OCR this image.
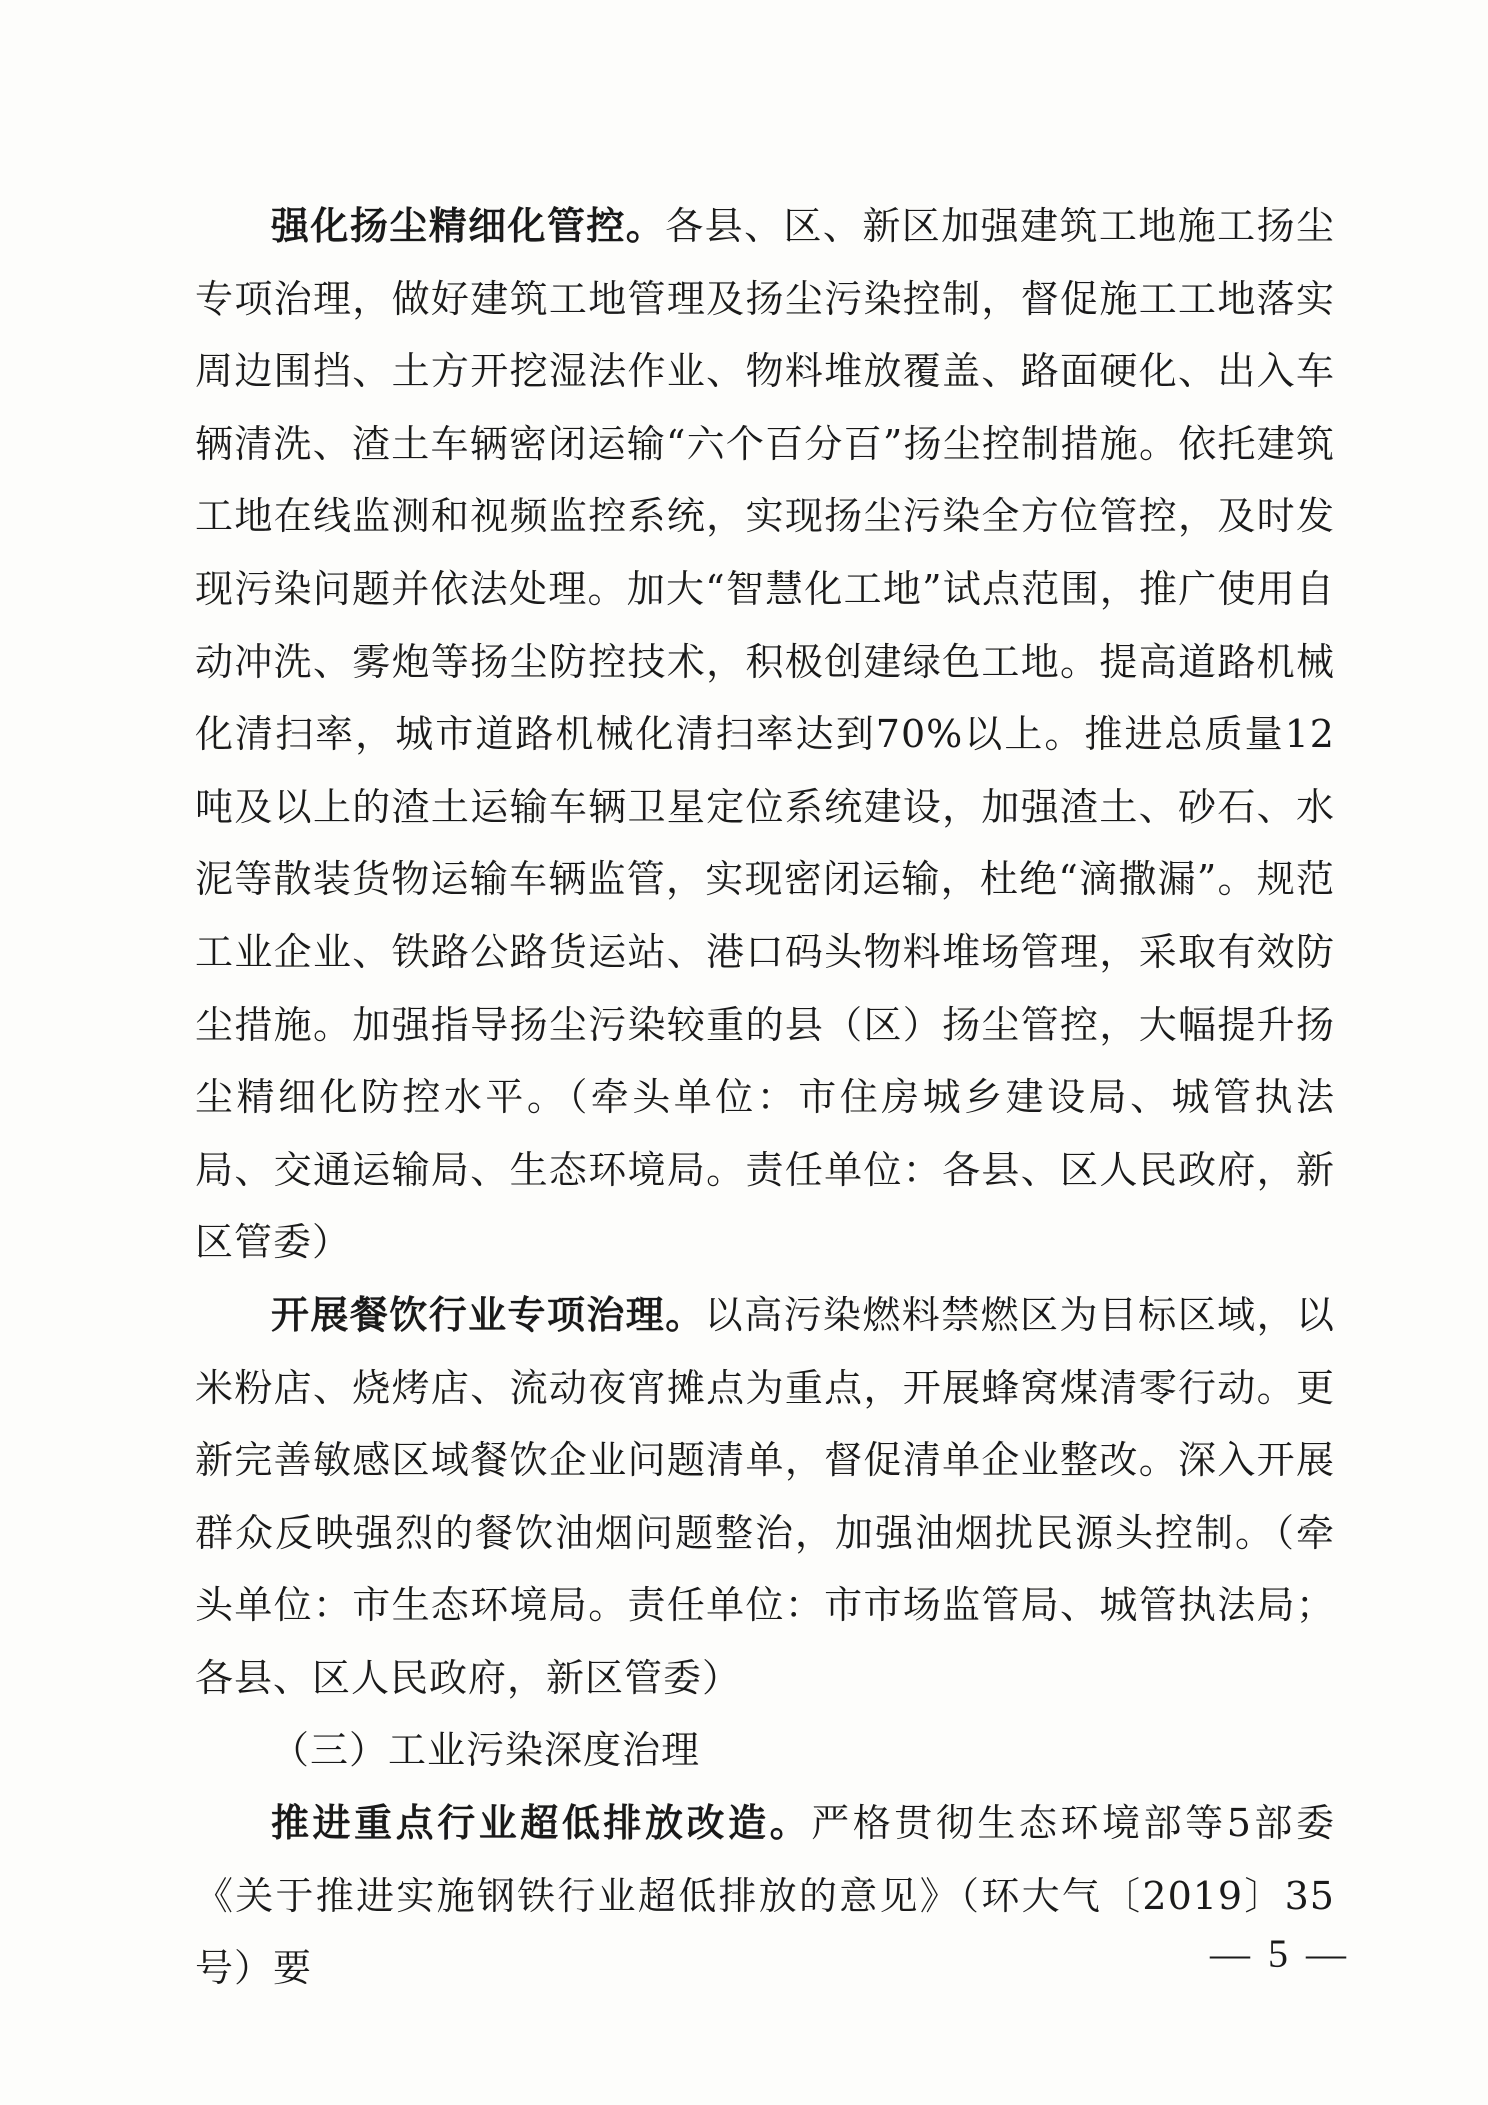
强化扬尘精细化管控。各县、区、新区加强建筑工地施工扬尘专项治理，做好建筑工地管理及扬尘污染控制，督促施工工地落实周边围挡、土方开挖湿法作业、物料堆放覆盖、路面硬化、出入车辆清洗、渣土车辆密闭运输“六个百分百”扬尘控制措施。依托建筑工地在线监测和视频监控系统，实现扬尘污染全方位管控，及时发现污染问题并依法处理。加大“智慧化工地”试点范围，推广使用自动冲洗、雾炮等扬尘防控技术，积极创建绿色工地。提高道路机械化清扫率，城市道路机械化清扫率达到70%以上。推进总质量12吨及以上的渣土运输车辆卫星定位系统建设，加强渣土、砂石、水泥等散装货物运输车辆监管，实现密闭运输，杜绝“滴撒漏”。规范工业企业、铁路公路货运站、港口码头物料堆场管理，采取有效防尘措施。加强指导扬尘污染较重的县（区）扬尘管控，大幅提升扬尘精细化防控水平。（牵头单位：市住房城乡建设局、城管执法局、交通运输局、生态环境局。责任单位：各县、区人民政府，新区管委）

开展餐饮行业专项治理。以高污染燃料禁燃区为目标区域，以米粉店、烧烤店、流动夜宵摊点为重点，开展蜂窝煤清零行动。更新完善敏感区域餐饮企业问题清单，督促清单企业整改。深入开展群众反映强烈的餐饮油烟问题整治，加强油烟扰民源头控制。（牵头单位：市生态环境局。责任单位：市市场监管局、城管执法局；各县、区人民政府，新区管委）

（三）工业污染深度治理

推进重点行业超低排放改造。严格贯彻生态环境部等5部委《关于推进实施钢铁行业超低排放的意见》（环大气〔2019〕35号）要	— 5 —
